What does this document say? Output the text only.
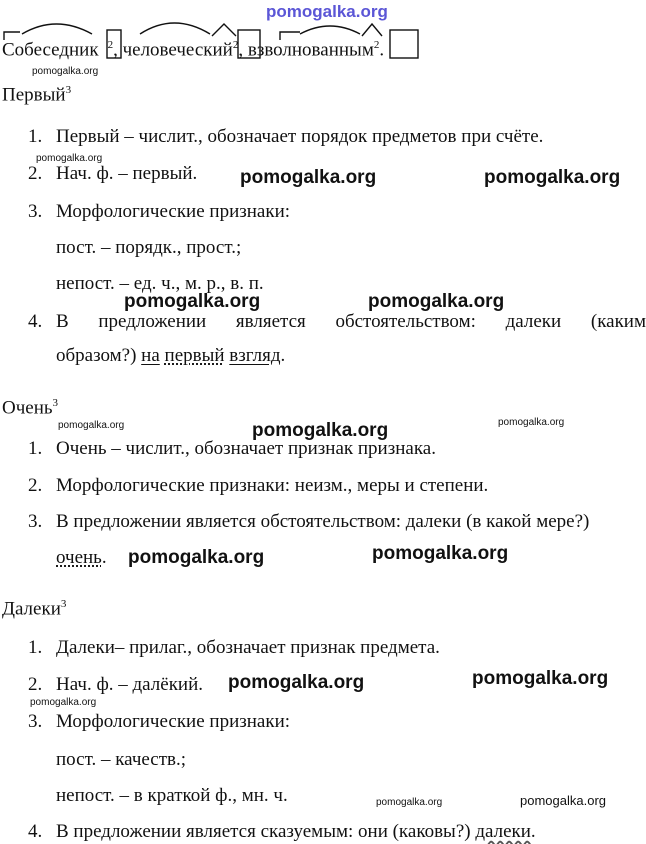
pomogalka.org
Собеседник $^2$, человеческий$^2$, взволнованным$^2$.
pomogalka.org
Первый$^3$
1. Первый – числит., обозначает порядок предметов при счёте.
pomogalka.org
2. Нач. ф. – первый. pomogalka.org	pomogalka.org
3. Морфологические признаки:
пост. – порядк., прост.;
непост. – ед. ч., м. р., в. п.
pomogalka.org	pomogalka.org
4. В предложении является обстоятельством: далеки (каким
образом?) на первый взгляд.
Очень$^3$
pomogalka.org	pomogalka.org	pomogalka.org
1. Очень – числит., обозначает признак признака.
2. Морфологические признаки: неизм., меры и степени.
3. В предложении является обстоятельством: далеки (в какой мере?)
очень. pomogalka.org	pomogalka.org
Далеки$^3$
1. Далеки– прилаг., обозначает признак предмета.
2. Нач. ф. – далёкий. pomogalka.org	pomogalka.org
pomogalka.org
3. Морфологические признаки:
пост. – качеств.;
непост. – в краткой ф., мн. ч.	pomogalka.org	pomogalka.org
4. В предложении является сказуемым: они (каковы?) далеки.
